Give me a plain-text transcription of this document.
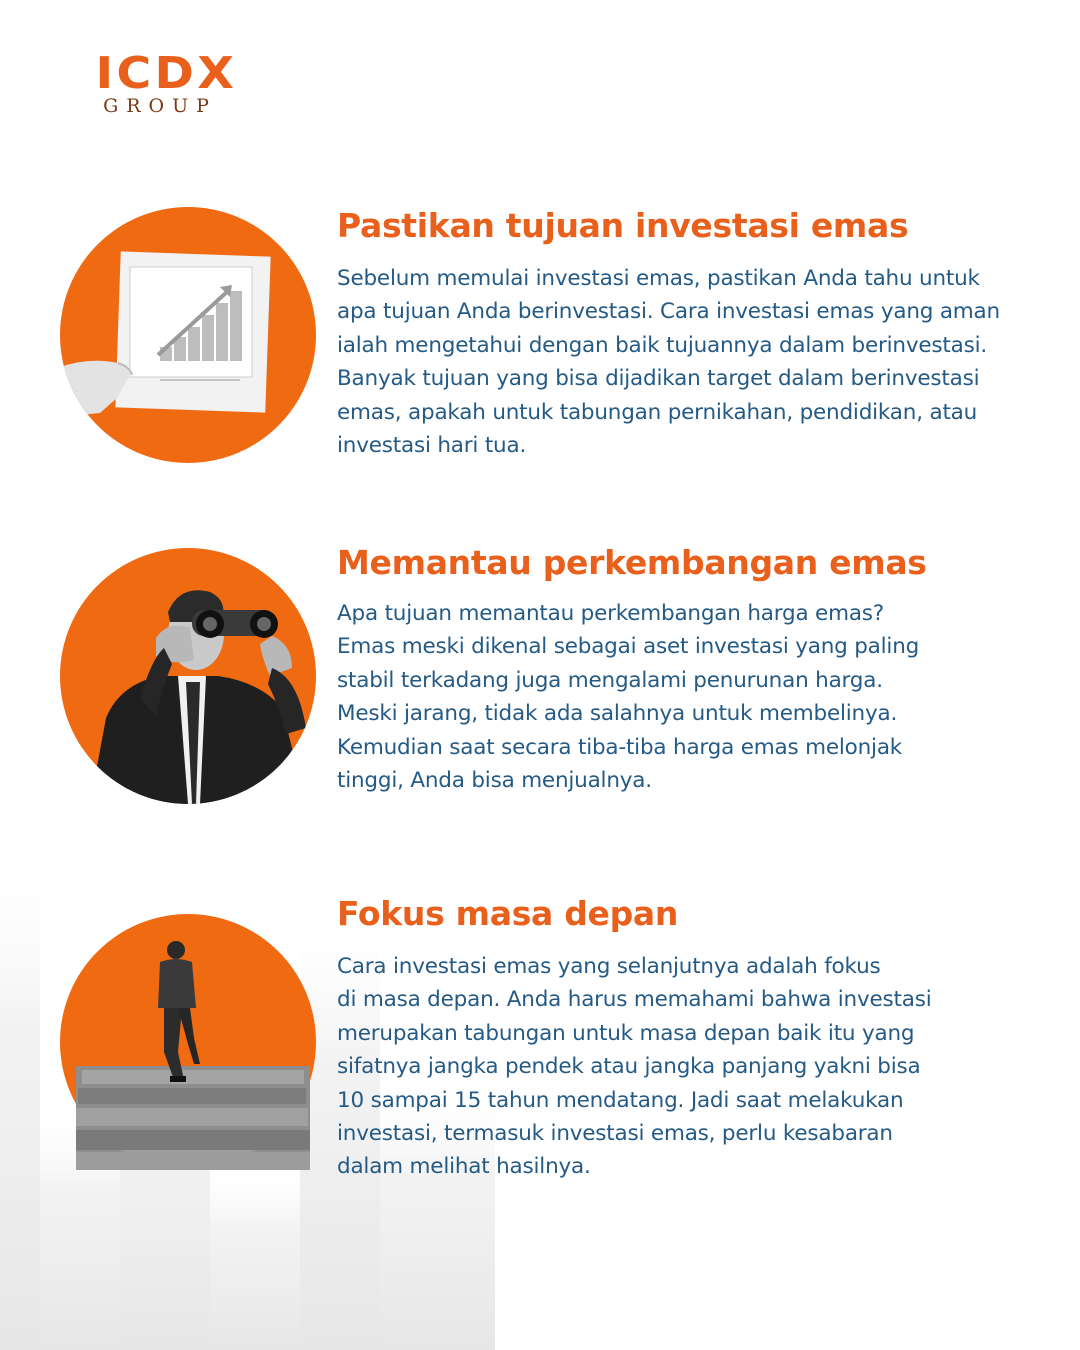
ICDX
GROUP
Pastikan tujuan investasi emas

Sebelum memulai investasi emas, pastikan Anda tahu untuk
apa tujuan Anda berinvestasi. Cara investasi emas yang aman
ialah mengetahui dengan baik tujuannya dalam berinvestasi.
Banyak tujuan yang bisa dijadikan target dalam berinvestasi
emas, apakah untuk tabungan pernikahan, pendidikan, atau
investasi hari tua.

Memantau perkembangan emas

Apa tujuan memantau perkembangan harga emas?
Emas meski dikenal sebagai aset investasi yang paling
stabil terkadang juga mengalami penurunan harga.
Meski jarang, tidak ada salahnya untuk membelinya.
Kemudian saat secara tiba-tiba harga emas melonjak
tinggi, Anda bisa menjualnya.

Fokus masa depan

Cara investasi emas yang selanjutnya adalah fokus
di masa depan. Anda harus memahami bahwa investasi
merupakan tabungan untuk masa depan baik itu yang
sifatnya jangka pendek atau jangka panjang yakni bisa
10 sampai 15 tahun mendatang. Jadi saat melakukan
investasi, termasuk investasi emas, perlu kesabaran
dalam melihat hasilnya.
